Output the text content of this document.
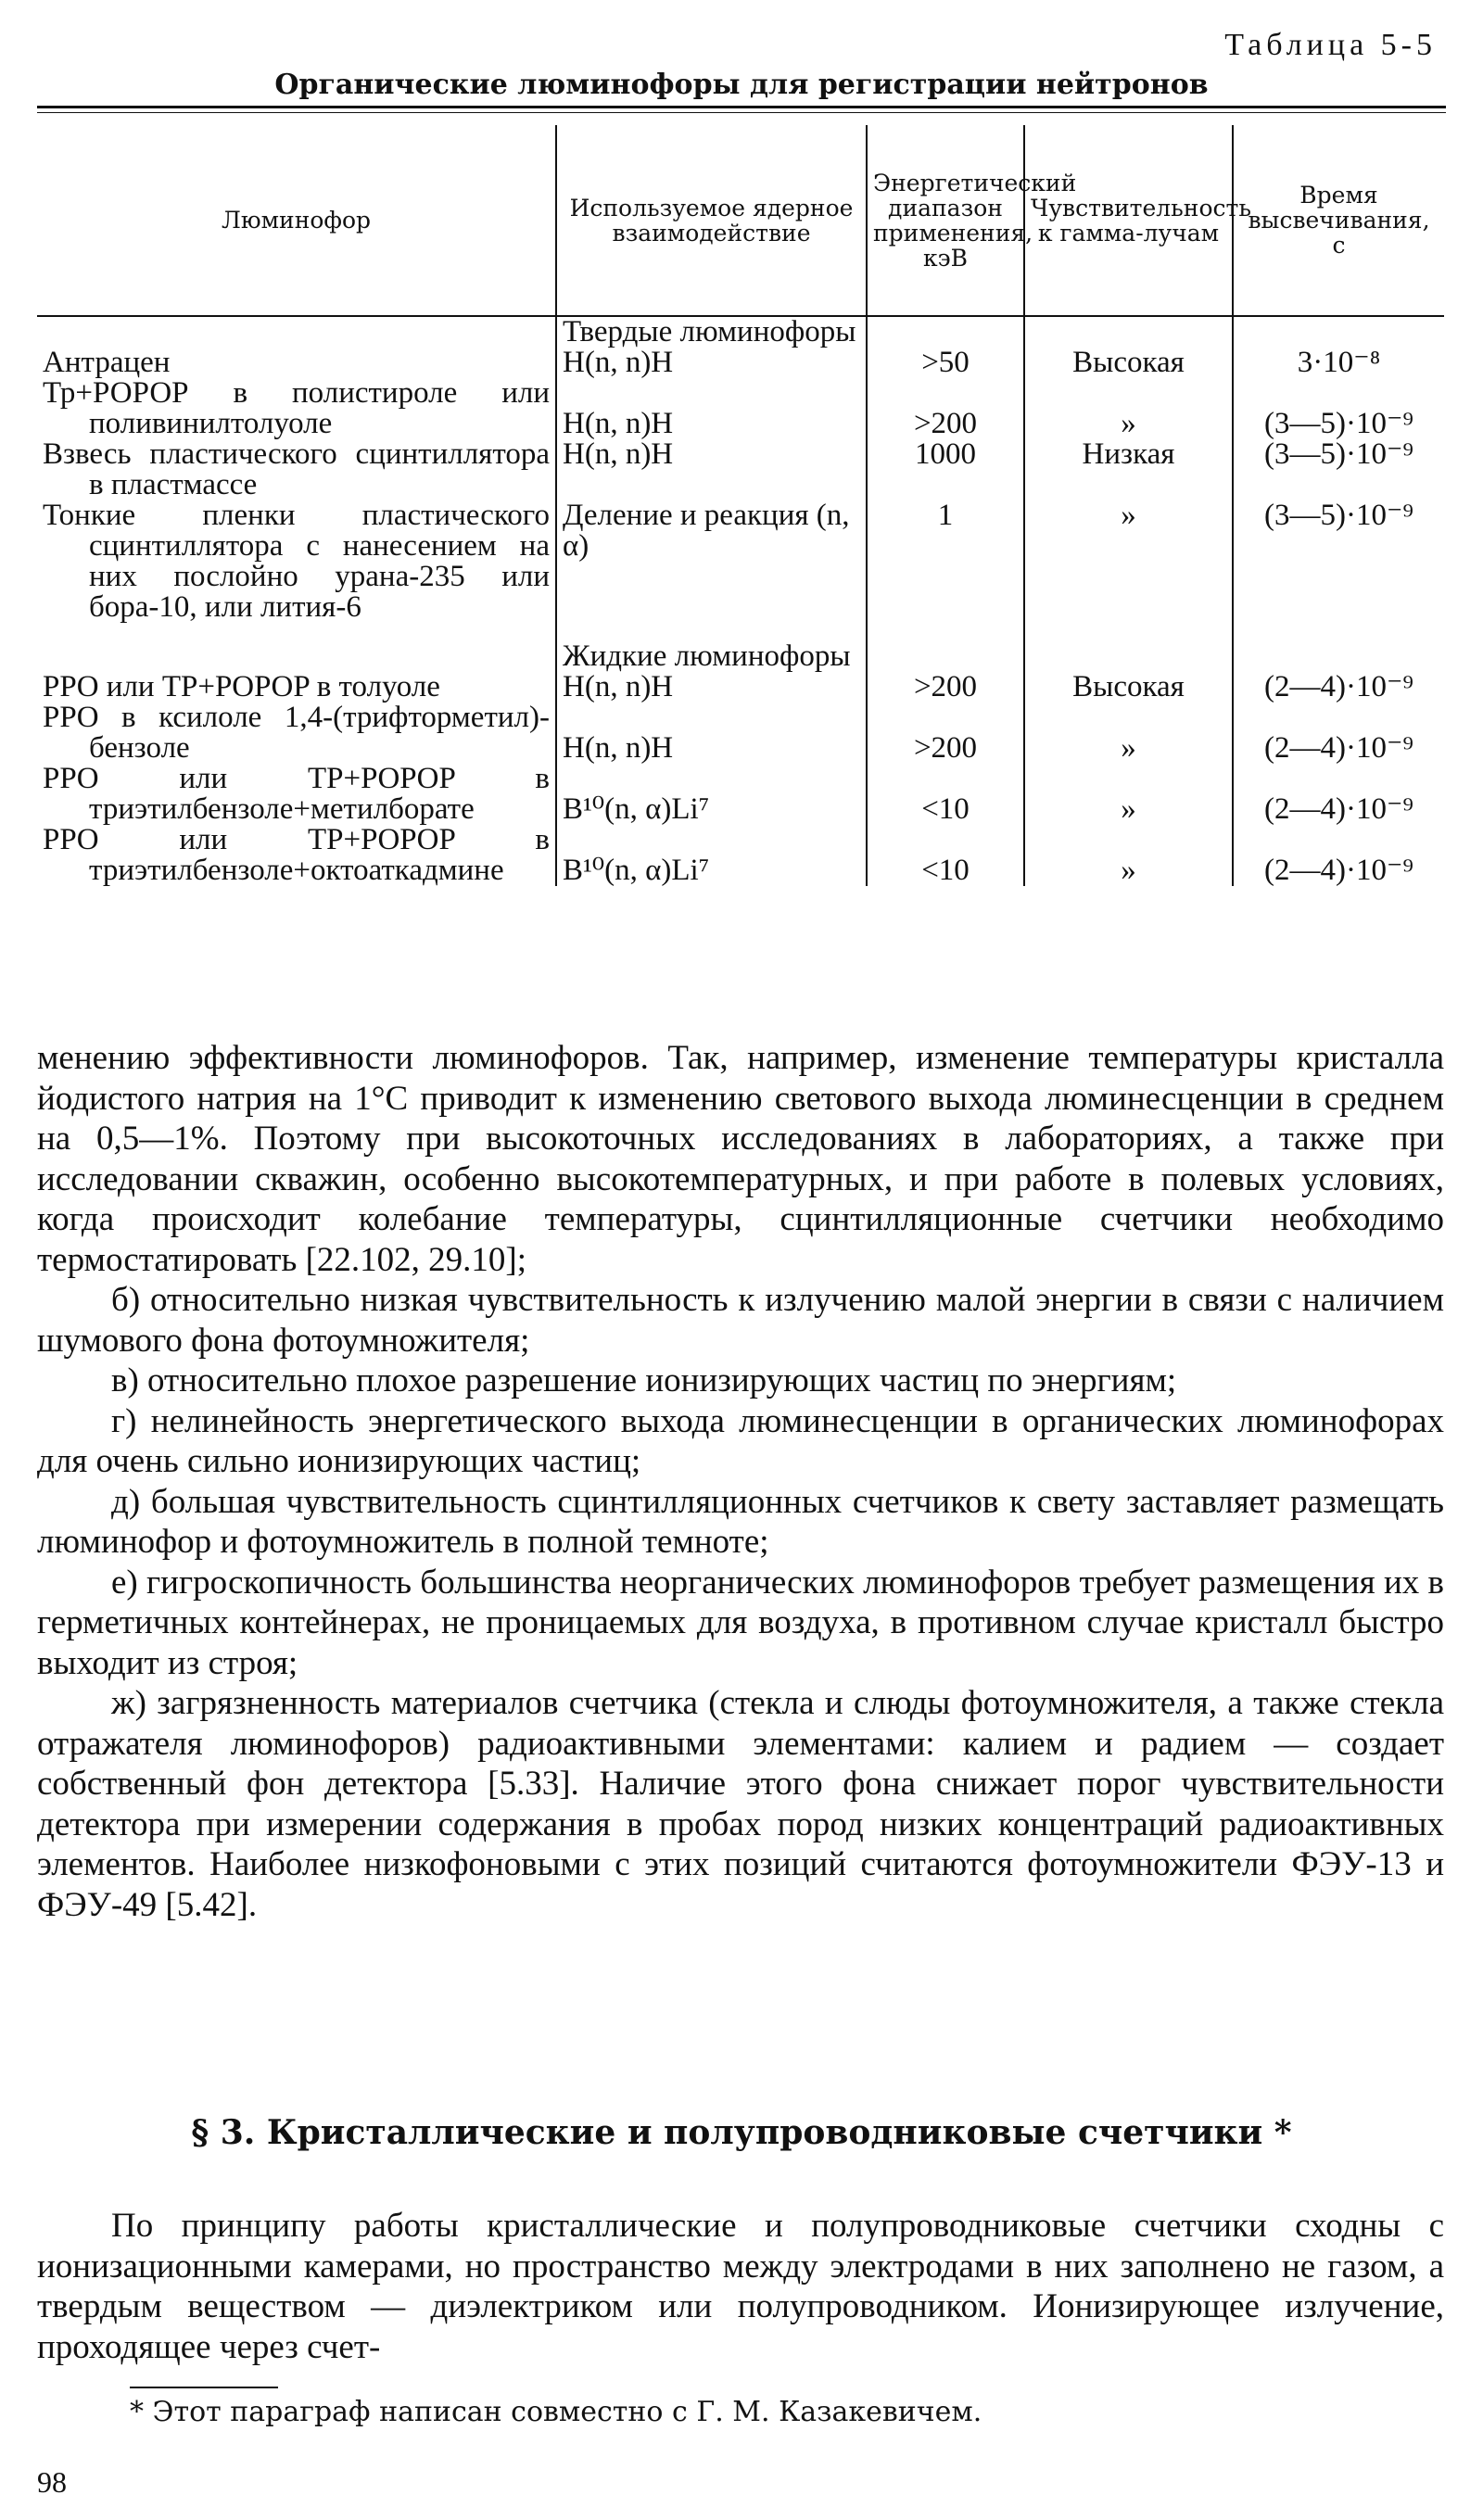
Таблица 5-5
Органические люминофоры для регистрации нейтронов
Люминофор	Используемое ядерное взаимодействие	Энергетический диапазон применения, кэВ	Чувствительность к гамма-лучам	Время высвечивания, с
	Твердые люминофоры			
Антрацен	H(n, n)H	>50	Высокая	3·10⁻⁸

Тр+РОРОР в полистироле или поливинилтолуоле	H(n, n)H	>200	»	(3—5)·10⁻⁹

Взвесь пластического сцинтиллятора в пластмассе	H(n, n)H	1000	Низкая	(3—5)·10⁻⁹

Тонкие пленки пластического сцинтиллятора с нанесением на них послойно урана-235 или бора-10, или лития-6	Деление и реакция (n, α)	1	»	(3—5)·10⁻⁹

	Жидкие люминофоры			

PPO или TP+POPOP в толуоле	H(n, n)H	>200	Высокая	(2—4)·10⁻⁹

PPO в ксилоле 1,4-(трифторметил)-бензоле	H(n, n)H	>200	»	(2—4)·10⁻⁹

PPO или TP+POPOP в триэтилбензоле+метилборате	B¹⁰(n, α)Li⁷	<10	»	(2—4)·10⁻⁹

PPO или TP+POPOP в триэтилбензоле+октоаткадмине	B¹⁰(n, α)Li⁷	<10	»	(2—4)·10⁻⁹

менению эффективности люминофоров. Так, например, изменение температуры кристалла йодистого натрия на 1°С приводит к изменению светового выхода люминесценции в среднем на 0,5—1%. Поэтому при высокоточных исследованиях в лабораториях, а также при исследовании скважин, особенно высокотемпературных, и при работе в полевых условиях, когда происходит колебание температуры, сцинтилляционные счетчики необходимо термостатировать [22.102, 29.10];

б) относительно низкая чувствительность к излучению малой энергии в связи с наличием шумового фона фотоумножителя;

в) относительно плохое разрешение ионизирующих частиц по энергиям;

г) нелинейность энергетического выхода люминесценции в органических люминофорах для очень сильно ионизирующих частиц;

д) большая чувствительность сцинтилляционных счетчиков к свету заставляет размещать люминофор и фотоумножитель в полной темноте;

е) гигроскопичность большинства неорганических люминофоров требует размещения их в герметичных контейнерах, не проницаемых для воздуха, в противном случае кристалл быстро выходит из строя;

ж) загрязненность материалов счетчика (стекла и слюды фотоумножителя, а также стекла отражателя люминофоров) радиоактивными элементами: калием и радием — создает собственный фон детектора [5.33]. Наличие этого фона снижает порог чувствительности детектора при измерении содержания в пробах пород низких концентраций радиоактивных элементов. Наиболее низкофоновыми с этих позиций считаются фотоумножители ФЭУ-13 и ФЭУ-49 [5.42].

§ 3. Кристаллические и полупроводниковые счетчики *

По принципу работы кристаллические и полупроводниковые счетчики сходны с ионизационными камерами, но пространство между электродами в них заполнено не газом, а твердым веществом — диэлектриком или полупроводником. Ионизирующее излучение, проходящее через счет-

* Этот параграф написан совместно с Г. М. Казакевичем.
98
